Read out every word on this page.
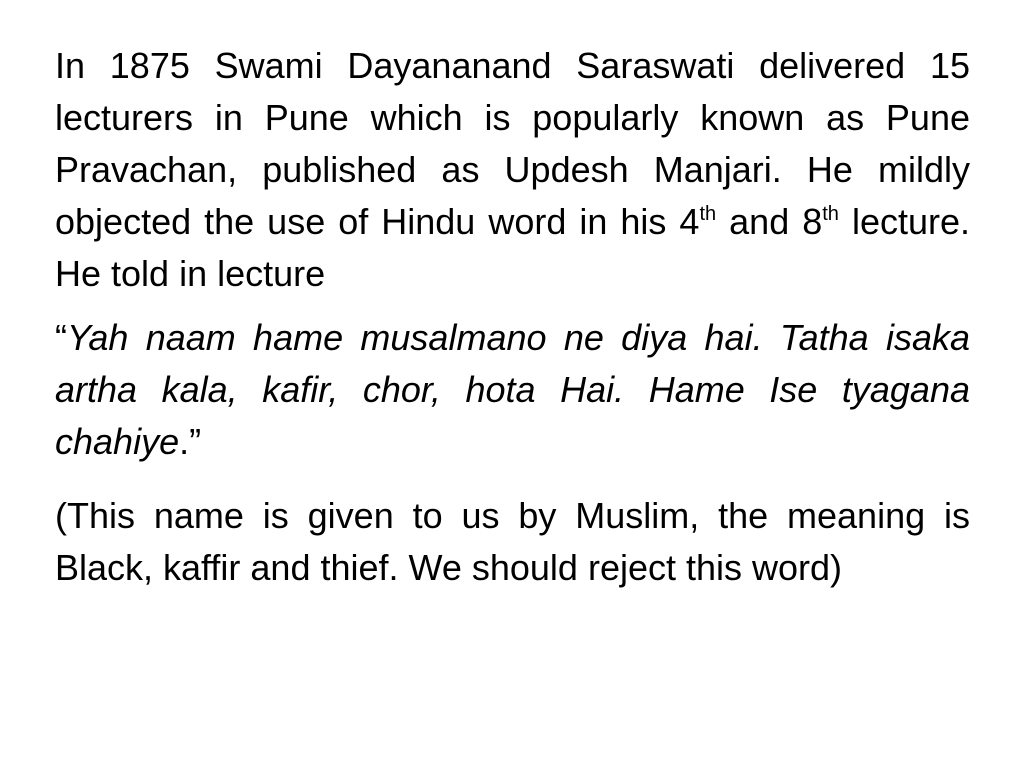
In 1875 Swami Dayananand Saraswati delivered 15 lecturers in Pune which is popularly known as Pune Pravachan, published as Updesh Manjari. He mildly objected the use of Hindu word in his 4th and 8th lecture. He told in lecture

“Yah naam hame musalmano ne diya hai. Tatha isaka artha kala, kafir, chor, hota Hai. Hame Ise tyagana chahiye.”

(This name is given to us by Muslim, the meaning is Black, kaffir and thief. We should reject this word)
